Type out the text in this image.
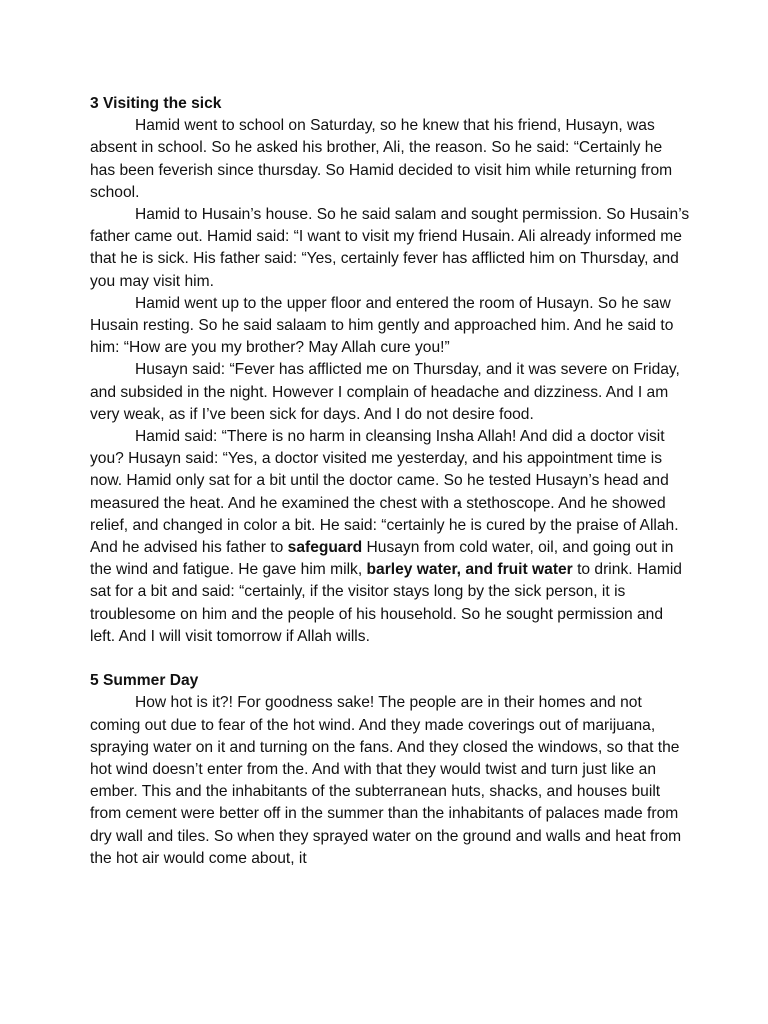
3 Visiting the sick

Hamid went to school on Saturday, so he knew that his friend, Husayn, was absent in school. So he asked his brother, Ali, the reason. So he said: “Certainly he has been feverish since thursday. So Hamid decided to visit him while returning from school.

Hamid to Husain’s house. So he said salam and sought permission. So Husain’s father came out. Hamid said: “I want to visit my friend Husain. Ali already informed me that he is sick. His father said: “Yes, certainly fever has afflicted him on Thursday, and you may visit him.

Hamid went up to the upper floor and entered the room of Husayn. So he saw Husain resting. So he said salaam to him gently and approached him. And he said to him: “How are you my brother? May Allah cure you!”

Husayn said: “Fever has afflicted me on Thursday, and it was severe on Friday, and subsided in the night. However I complain of headache and dizziness. And I am very weak, as if I’ve been sick for days. And I do not desire food.

Hamid said: “There is no harm in cleansing Insha Allah! And did a doctor visit you? Husayn said: “Yes, a doctor visited me yesterday, and his appointment time is now. Hamid only sat for a bit until the doctor came. So he tested Husayn’s head and measured the heat. And he examined the chest with a stethoscope. And he showed relief, and changed in color a bit. He said: “certainly he is cured by the praise of Allah. And he advised his father to safeguard Husayn from cold water, oil, and going out in the wind and fatigue. He gave him milk, barley water, and fruit water to drink. Hamid sat for a bit and said: “certainly, if the visitor stays long by the sick person, it is troublesome on him and the people of his household. So he sought permission and left. And I will visit tomorrow if Allah wills.

5 Summer Day

How hot is it?! For goodness sake! The people are in their homes and not coming out due to fear of the hot wind. And they made coverings out of marijuana, spraying water on it and turning on the fans. And they closed the windows, so that the hot wind doesn’t enter from the. And with that they would twist and turn just like an ember. This and the inhabitants of the subterranean huts, shacks, and houses built from cement were better off in the summer than the inhabitants of palaces made from dry wall and tiles. So when they sprayed water on the ground and walls and heat from the hot air would come about, it
